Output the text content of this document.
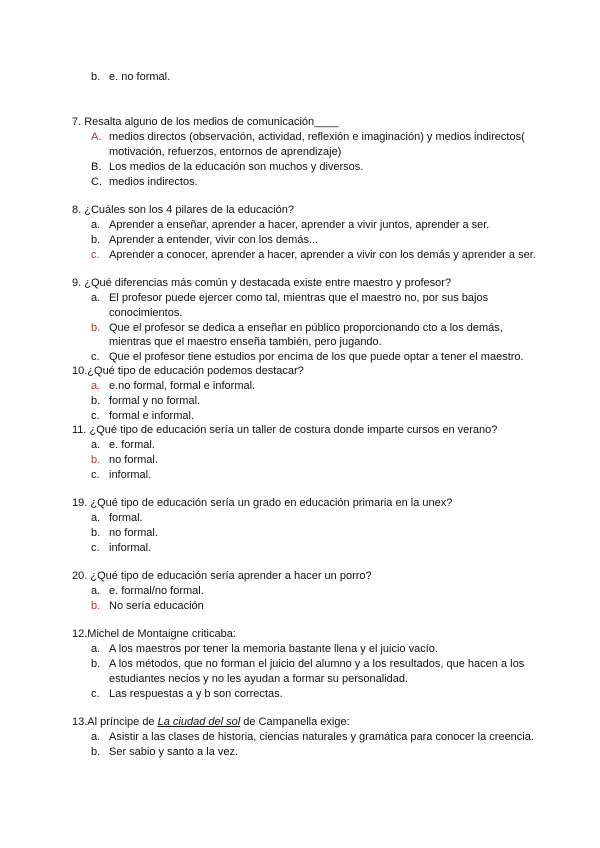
b. e. no formal.
7. Resalta alguno de los medios de comunicación____
A. medios directos (observación, actividad, reflexión e imaginación) y medios indirectos( motivación, refuerzos, entornos de aprendizaje)
B. Los medios de la educación son muchos y diversos.
C. medios indirectos.
8. ¿Cuáles son los 4 pilares de la educación?
a. Aprender a enseñar, aprender a hacer, aprender a vivir juntos, aprender a ser.
b. Aprender a entender, vivir con los demás...
c. Aprender a conocer, aprender a hacer, aprender a vivir con los demás y aprender a ser.
9. ¿Qué diferencias más común y destacada existe entre maestro y profesor?
a. El profesor puede ejercer como tal, mientras que el maestro no, por sus bajos conocimientos.
b. Que el profesor se dedica a enseñar en público proporcionando cto a los demás, mientras que el maestro enseña también, pero jugando.
c. Que el profesor tiene estudios por encima de los que puede optar a tener el maestro.
10.¿Qué tipo de educación podemos destacar?
a. e.no formal, formal e informal.
b. formal y no formal.
c. formal e informal.
11. ¿Qué tipo de educación sería un taller de costura donde imparte cursos en verano?
a. e. formal.
b. no formal.
c. informal.
19. ¿Qué tipo de educación sería un grado en educación primaria en la unex?
a. formal.
b. no formal.
c. informal.
20. ¿Qué tipo de educación sería aprender a hacer un porro?
a. e. formal/no formal.
b. No sería educación
12.Michel de Montaigne criticaba:
a. A los maestros por tener la memoria bastante llena y el juicio vacío.
b. A los métodos, que no forman el juicio del alumno y a los resultados, que hacen a los estudiantes necios y no les ayudan a formar su personalidad.
c. Las respuestas a y b son correctas.
13.Al príncipe de La ciudad del sol de Campanella exige:
a. Asistir a las clases de historia, ciencias naturales y gramática para conocer la creencia.
b. Ser sabio y santo a la vez.
